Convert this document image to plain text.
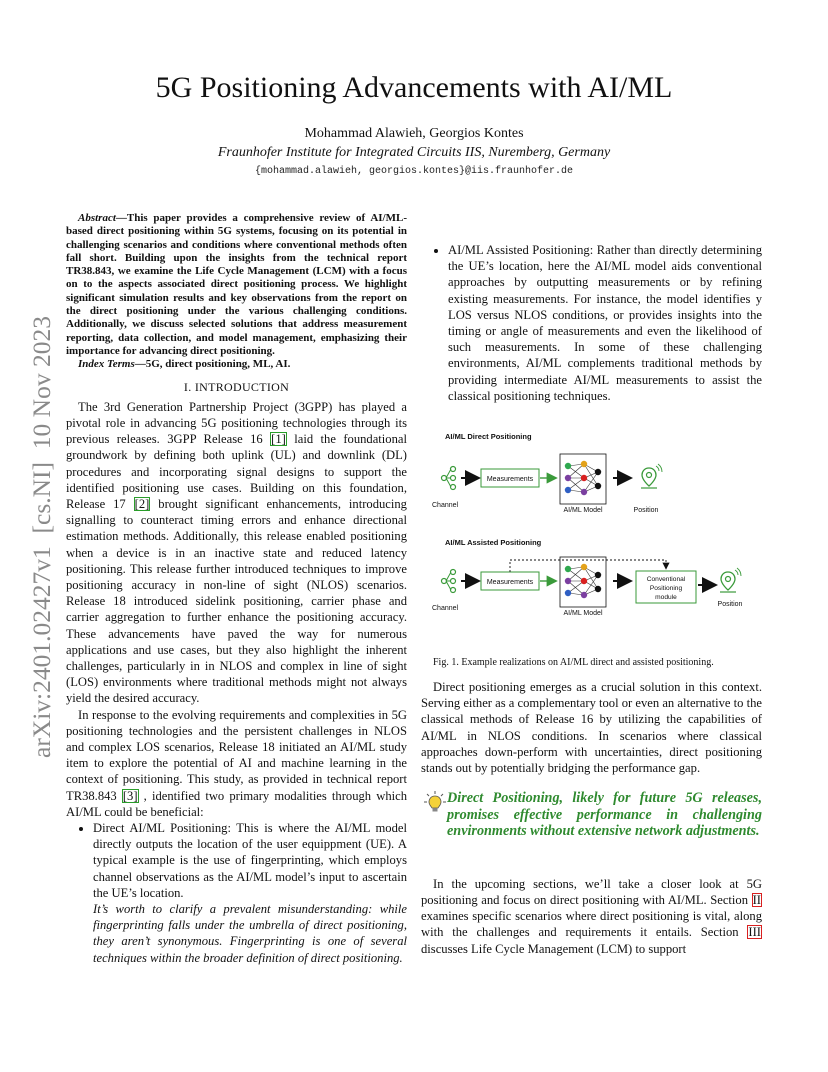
arXiv:2401.02427v1  [cs.NI]  10 Nov 2023
5G Positioning Advancements with AI/ML
Mohammad Alawieh, Georgios Kontes
Fraunhofer Institute for Integrated Circuits IIS, Nuremberg, Germany
{mohammad.alawieh, georgios.kontes}@iis.fraunhofer.de

Abstract—This paper provides a comprehensive review of AI/ML-based direct positioning within 5G systems, focusing on its potential in challenging scenarios and conditions where conventional methods often fall short. Building upon the insights from the technical report TR38.843, we examine the Life Cycle Management (LCM) with a focus on to the aspects associated direct positioning process. We highlight significant simulation results and key observations from the report on the direct positioning under the various challenging conditions. Additionally, we discuss selected solutions that address measurement reporting, data collection, and model management, emphasizing their importance for advancing direct positioning.

Index Terms—5G, direct positioning, ML, AI.

I. INTRODUCTION

The 3rd Generation Partnership Project (3GPP) has played a pivotal role in advancing 5G positioning technologies through its previous releases. 3GPP Release 16 [1] laid the foundational groundwork by defining both uplink (UL) and downlink (DL) procedures and incorporating signal designs to support the identified positioning use cases. Building on this foundation, Release 17 [2] brought significant enhancements, introducing signalling to counteract timing errors and enhance directional estimation methods. Additionally, this release enabled positioning when a device is in an inactive state and reduced latency positioning. This release further introduced techniques to improve positioning accuracy in non-line of sight (NLOS) scenarios. Release 18 introduced sidelink positioning, carrier phase and carrier aggregation to further enhance the positioning accuracy. These advancements have paved the way for numerous applications and use cases, but they also highlight the inherent challenges, particularly in in NLOS and complex in line of sight (LOS) environments where traditional methods might not always yield the desired accuracy.

In response to the evolving requirements and complexities in 5G positioning technologies and the persistent challenges in NLOS and complex LOS scenarios, Release 18 initiated an AI/ML study item to explore the potential of AI and machine learning in the context of positioning. This study, as provided in technical report TR38.843 [3] , identified two primary modalities through which AI/ML could be beneficial:

• Direct AI/ML Positioning: This is where the AI/ML model directly outputs the location of the user equippment (UE). A typical example is the use of fingerprinting, which employs channel observations as the AI/ML model’s input to ascertain the UE’s location.
It’s worth to clarify a prevalent misunderstanding: while fingerprinting falls under the umbrella of direct positioning, they aren’t synonymous. Fingerprinting is one of several techniques within the broader definition of direct positioning.
• AI/ML Assisted Positioning: Rather than directly determining the UE’s location, here the AI/ML model aids conventional approaches by outputting measurements or by refining existing measurements. For instance, the model identifies y LOS versus NLOS conditions, or provides insights into the timing or angle of measurements and even the likelihood of such measurements. In some of these challenging environments, AI/ML complements traditional methods by providing intermediate AI/ML measurements to assist the classical positioning techniques.
AI/ML Direct Positioning
Measurements
Channel
AI/ML Model	Position
AI/ML Assisted Positioning
Measurements	Conventional
Positioning
module
Channel
AI/ML Model
Position
Fig. 1. Example realizations on AI/ML direct and assisted positioning.

Direct positioning emerges as a crucial solution in this context. Serving either as a complementary tool or even an alternative to the classical methods of Release 16 by utilizing the capabilities of AI/ML in NLOS conditions. In scenarios where classical approaches down-perform with uncertainties, direct positioning stands out by potentially bridging the performance gap.

Direct Positioning, likely for future 5G releases, promises effective performance in challenging environments without extensive network adjustments.

In the upcoming sections, we’ll take a closer look at 5G positioning and focus on direct positioning with AI/ML. Section II examines specific scenarios where direct positioning is vital, along with the challenges and requirements it entails. Section III discusses Life Cycle Management (LCM) to support
